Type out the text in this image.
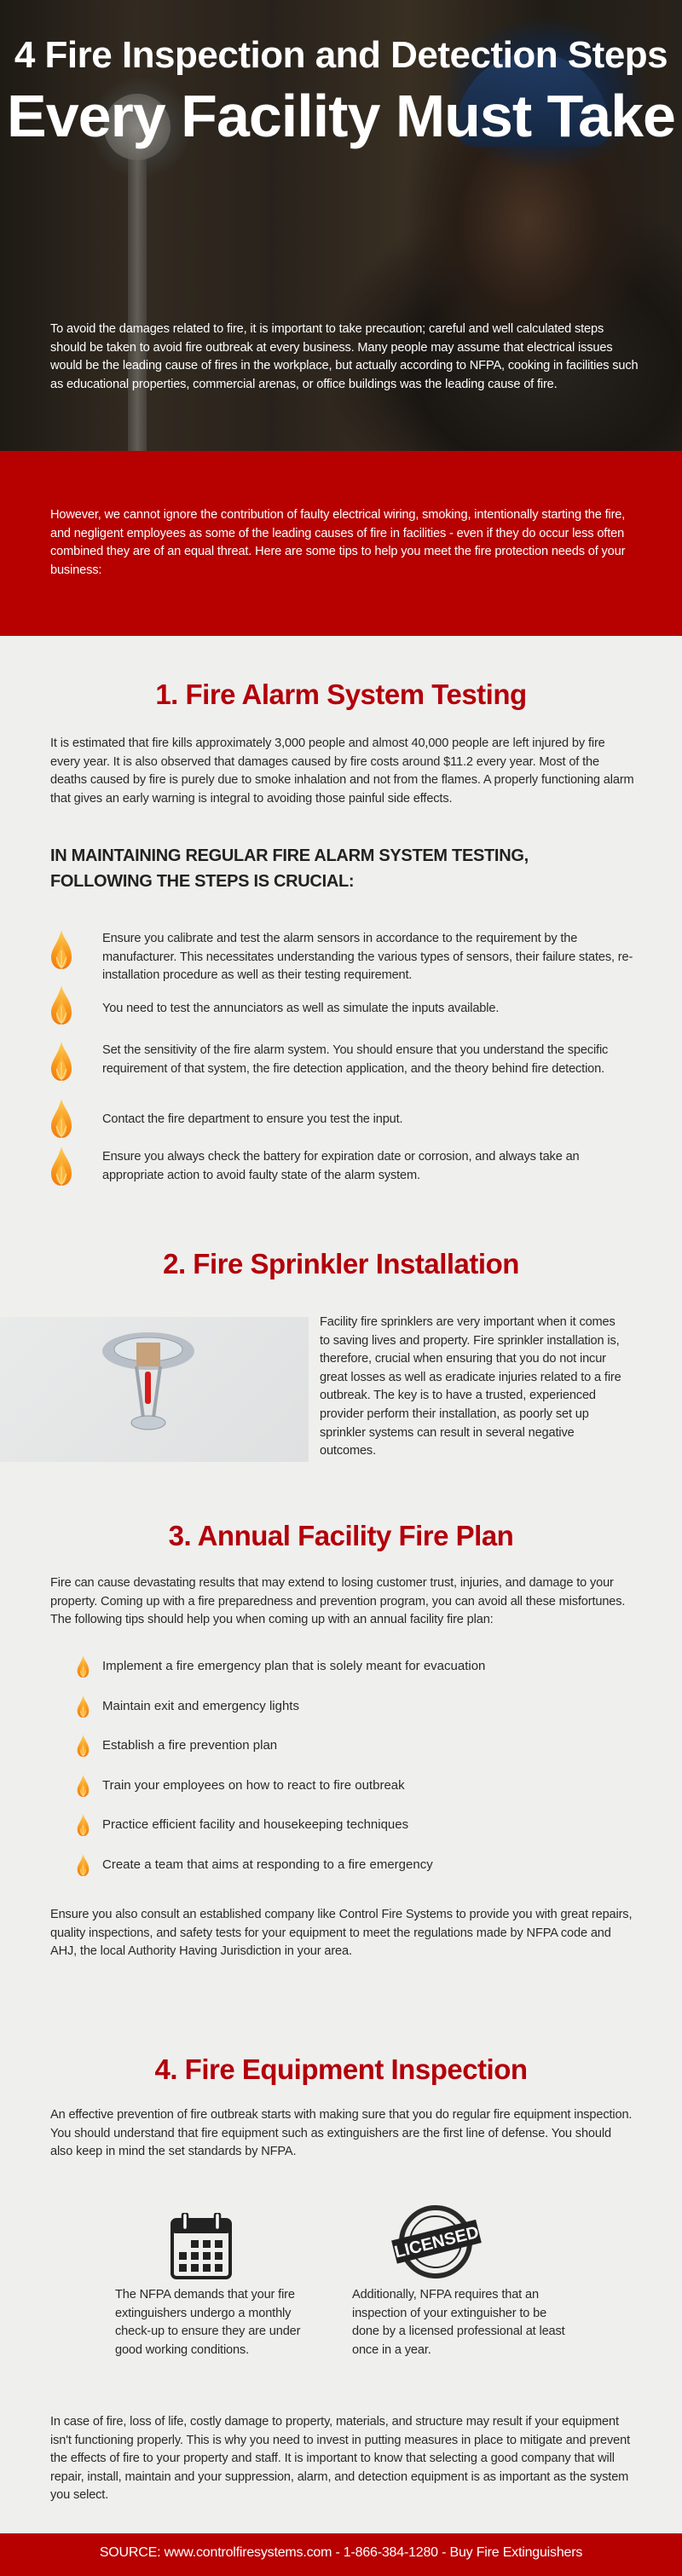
4 Fire Inspection and Detection Steps
Every Facility Must Take

To avoid the damages related to fire, it is important to take precaution; careful and well calculated steps should be taken to avoid fire outbreak at every business. Many people may assume that electrical issues would be the leading cause of fires in the workplace, but actually according to NFPA, cooking in facilities such as educational properties, commercial arenas, or office buildings was the leading cause of fire.

However, we cannot ignore the contribution of faulty electrical wiring, smoking, intentionally starting the fire, and negligent employees as some of the leading causes of fire in facilities - even if they do occur less often combined they are of an equal threat. Here are some tips to help you meet the fire protection needs of your business:

1. Fire Alarm System Testing

It is estimated that fire kills approximately 3,000 people and almost 40,000 people are left injured by fire every year. It is also observed that damages caused by fire costs around $11.2 every year. Most of the deaths caused by fire is purely due to smoke inhalation and not from the flames. A properly functioning alarm that gives an early warning is integral to avoiding those painful side effects.

IN MAINTAINING REGULAR FIRE ALARM SYSTEM TESTING, FOLLOWING THE STEPS IS CRUCIAL:

Ensure you calibrate and test the alarm sensors in accordance to the requirement by the manufacturer. This necessitates understanding the various types of sensors, their failure states, re-installation procedure as well as their testing requirement.

You need to test the annunciators as well as simulate the inputs available.

Set the sensitivity of the fire alarm system. You should ensure that you understand the specific requirement of that system, the fire detection application, and the theory behind fire detection.

Contact the fire department to ensure you test the input.

Ensure you always check the battery for expiration date or corrosion, and always take an appropriate action to avoid faulty state of the alarm system.

2. Fire Sprinkler Installation

Facility fire sprinklers are very important when it comes to saving lives and property. Fire sprinkler installation is, therefore, crucial when ensuring that you do not incur great losses as well as eradicate injuries related to a fire outbreak. The key is to have a trusted, experienced provider perform their installation, as poorly set up sprinkler systems can result in several negative outcomes.

3. Annual Facility Fire Plan

Fire can cause devastating results that may extend to losing customer trust, injuries, and damage to your property. Coming up with a fire preparedness and prevention program, you can avoid all these misfortunes. The following tips should help you when coming up with an annual facility fire plan:

Implement a fire emergency plan that is solely meant for evacuation
Maintain exit and emergency lights
Establish a fire prevention plan
Train your employees on how to react to fire outbreak
Practice efficient facility and housekeeping techniques
Create a team that aims at responding to a fire emergency

Ensure you also consult an established company like Control Fire Systems to provide you with great repairs, quality inspections, and safety tests for your equipment to meet the regulations made by NFPA code and AHJ, the local Authority Having Jurisdiction in your area.

4. Fire Equipment Inspection

An effective prevention of fire outbreak starts with making sure that you do regular fire equipment inspection. You should understand that fire equipment such as extinguishers are the first line of defense. You should also keep in mind the set standards by NFPA.

LICENSED

The NFPA demands that your fire extinguishers undergo a monthly check-up to ensure they are under good working conditions.

Additionally, NFPA requires that an inspection of your extinguisher to be done by a licensed professional at least once in a year.

In case of fire, loss of life, costly damage to property, materials, and structure may result if your equipment isn't functioning properly. This is why you need to invest in putting measures in place to mitigate and prevent the effects of fire to your property and staff. It is important to know that selecting a good company that will repair, install, maintain and your suppression, alarm, and detection equipment is as important as the system you select.

SOURCE: www.controlfiresystems.com - 1-866-384-1280 - Buy Fire Extinguishers
